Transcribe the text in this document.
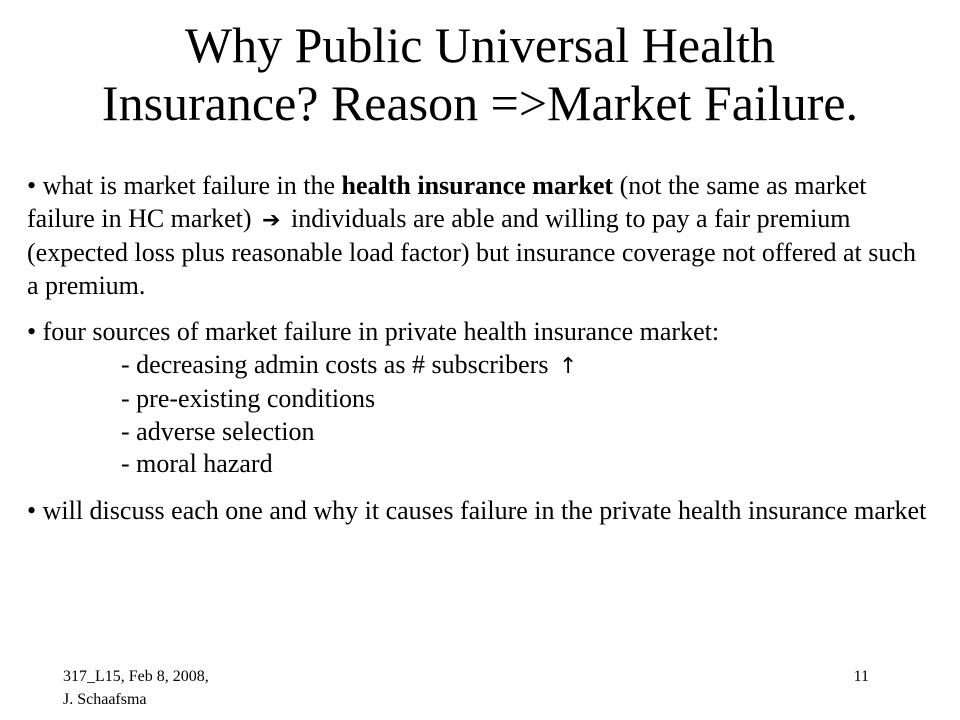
Why Public Universal Health
Insurance? Reason =>Market Failure.

• what is market failure in the health insurance market (not the same as market failure in HC market) ➔ individuals are able and willing to pay a fair premium (expected loss plus reasonable load factor) but insurance coverage not offered at such a premium.

• four sources of market failure in private health insurance market:
- decreasing admin costs as # subscribers ↑
- pre-existing conditions
- adverse selection
- moral hazard

• will discuss each one and why it causes failure in the private health insurance market

317_L15, Feb 8, 2008,
J. Schaafsma
11
